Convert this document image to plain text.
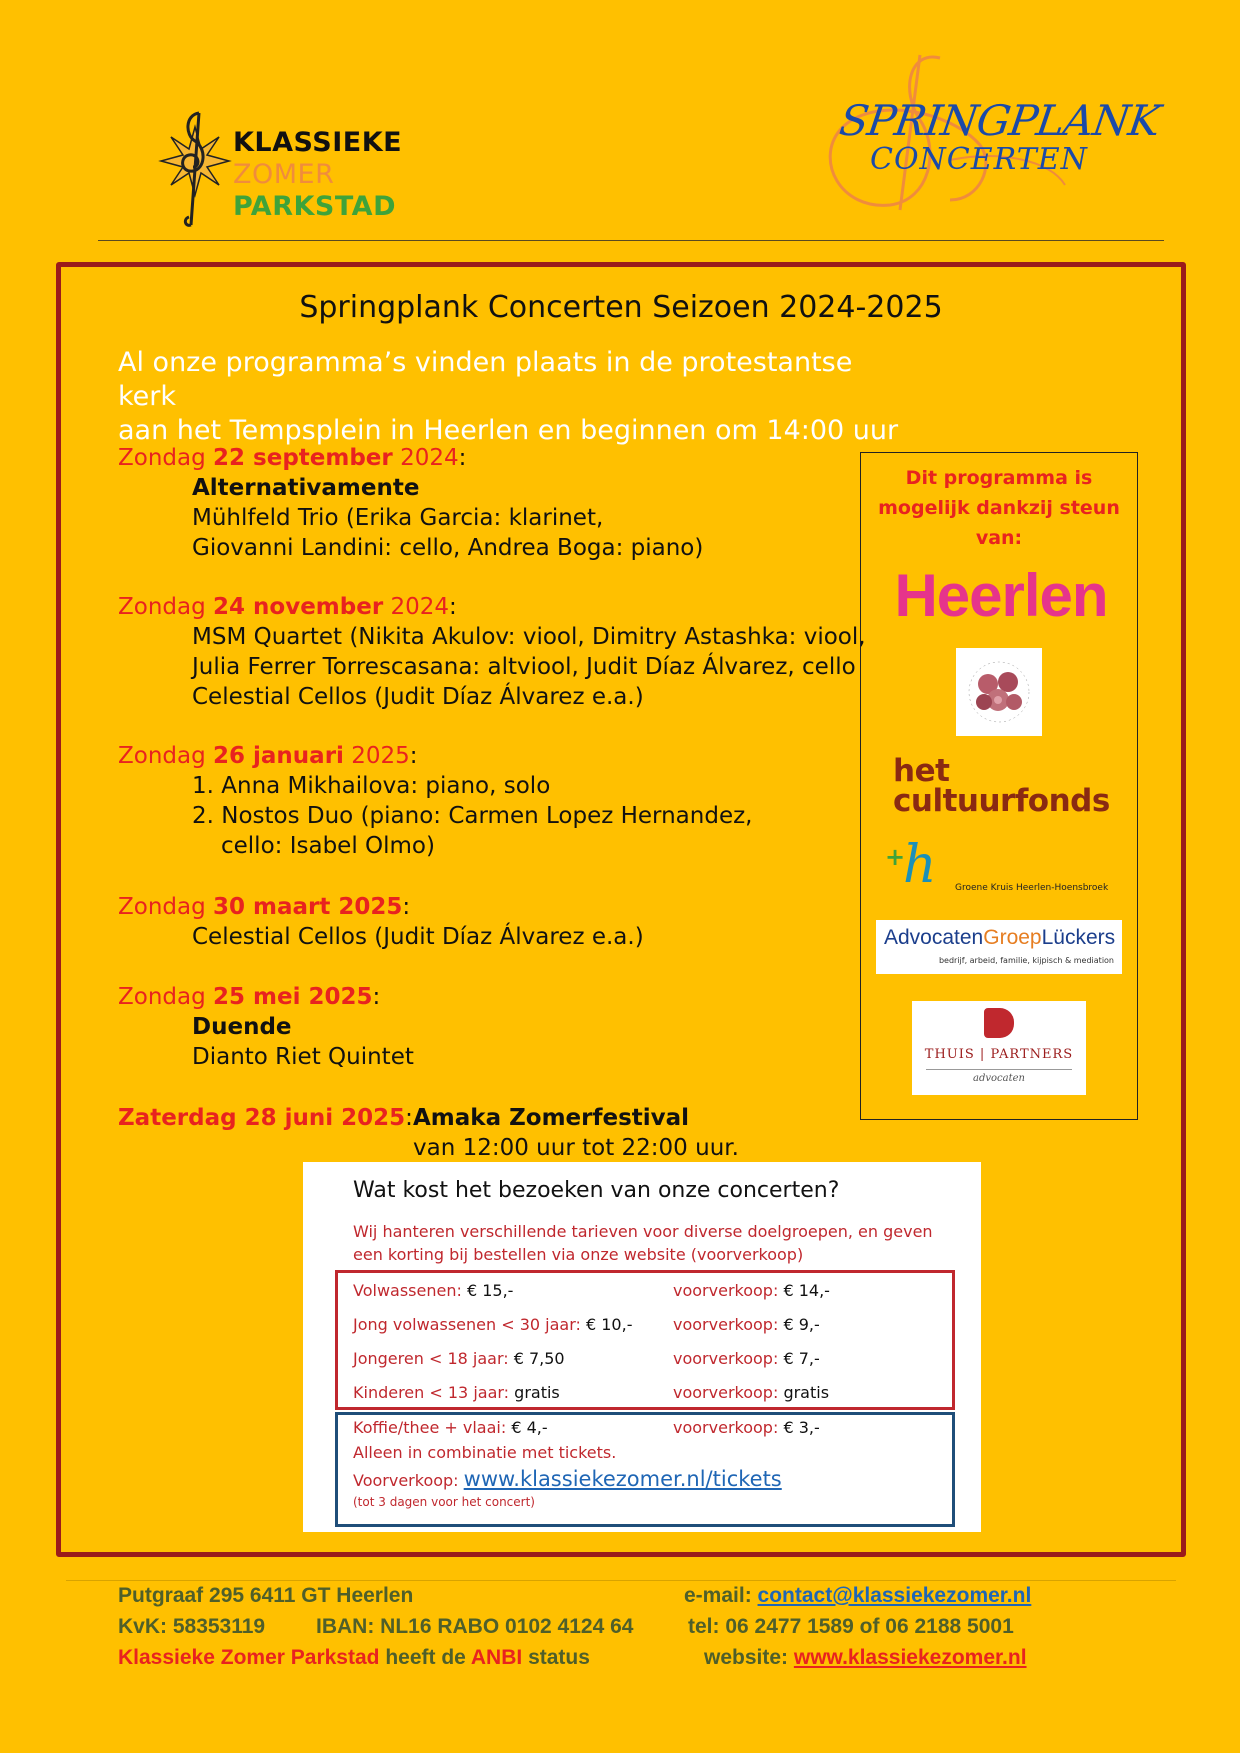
KLASSIEKE
ZOMER
PARKSTAD
SPRINGPLANK
CONCERTEN
Springplank Concerten Seizoen 2024-2025
Al onze programma’s vinden plaats in de protestantse kerk
aan het Tempsplein in Heerlen en beginnen om 14:00 uur
Zondag 22 september 2024:
Alternativamente
Mühlfeld Trio (Erika Garcia: klarinet,
Giovanni Landini: cello, Andrea Boga: piano)
Zondag 24 november 2024:
MSM Quartet (Nikita Akulov: viool, Dimitry Astashka: viool,
Julia Ferrer Torrescasana: altviool, Judit Díaz Álvarez, cello
Celestial Cellos (Judit Díaz Álvarez e.a.)
Zondag 26 januari 2025:
1. Anna Mikhailova: piano, solo
2. Nostos Duo (piano: Carmen Lopez Hernandez,
cello: Isabel Olmo)
Zondag 30 maart 2025:
Celestial Cellos (Judit Díaz Álvarez e.a.)
Zondag 25 mei 2025:
Duende
Dianto Riet Quintet
Zaterdag 28 juni 2025: Amaka Zomerfestival
van 12:00 uur tot 22:00 uur.
Dit programma is
mogelijk dankzij steun
van:
Heerlen
het
cultuurfonds
+
h Groene Kruis Heerlen-Hoensbroek
AdvocatenGroepLückers
bedrijf, arbeid, familie, kijpisch & mediation
THUIS | PARTNERS
advocaten
Wat kost het bezoeken van onze concerten?
Wij hanteren verschillende tarieven voor diverse doelgroepen, en geven een korting bij bestellen via onze website (voorverkoop)
Volwassenen: € 15,-	voorverkoop: € 14,-
Jong volwassenen < 30 jaar: € 10,-	voorverkoop: € 9,-
Jongeren < 18 jaar: € 7,50	voorverkoop: € 7,-
Kinderen < 13 jaar: gratis	voorverkoop: gratis
Koffie/thee + vlaai: € 4,-	voorverkoop: € 3,-
Alleen in combinatie met tickets.
Voorverkoop: www.klassiekezomer.nl/tickets
(tot 3 dagen voor het concert)
Putgraaf 295 6411 GT Heerlen
KvK: 58353119 IBAN: NL16 RABO 0102 4124 64
Klassieke Zomer Parkstad heeft de ANBI status
e-mail: contact@klassiekezomer.nl
tel: 06 2477 1589 of 06 2188 5001
website: www.klassiekezomer.nl
